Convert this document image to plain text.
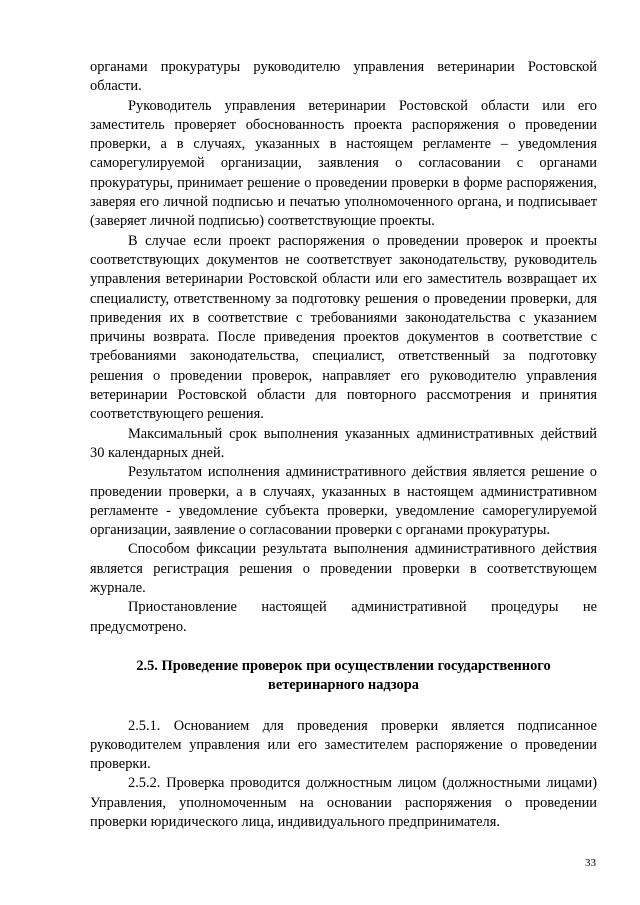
органами прокуратуры руководителю управления ветеринарии Ростовской области.

Руководитель управления ветеринарии Ростовской области или его заместитель проверяет обоснованность проекта распоряжения о проведении проверки, а в случаях, указанных в настоящем регламенте – уведомления саморегулируемой организации, заявления о согласовании с органами прокуратуры, принимает решение о проведении проверки в форме распоряжения, заверяя его личной подписью и печатью уполномоченного органа, и подписывает (заверяет личной подписью) соответствующие проекты.

В случае если проект распоряжения о проведении проверок и проекты соответствующих документов не соответствует законодательству, руководитель управления ветеринарии Ростовской области или его заместитель возвращает их специалисту, ответственному за подготовку решения о проведении проверки, для приведения их в соответствие с требованиями законодательства с указанием причины возврата. После приведения проектов документов в соответствие с требованиями законодательства, специалист, ответственный за подготовку решения о проведении проверок, направляет его руководителю управления ветеринарии Ростовской области для повторного рассмотрения и принятия соответствующего решения.

Максимальный срок выполнения указанных административных действий 30 календарных дней.

Результатом исполнения административного действия является решение о проведении проверки, а в случаях, указанных в настоящем административном регламенте - уведомление субъекта проверки, уведомление саморегулируемой организации, заявление о согласовании проверки с органами прокуратуры.

Способом фиксации результата выполнения административного действия является регистрация решения о проведении проверки в соответствующем журнале.

Приостановление настоящей административной процедуры не предусмотрено.

2.5. Проведение проверок при осуществлении государственного ветеринарного надзора

2.5.1. Основанием для проведения проверки является подписанное руководителем управления или его заместителем распоряжение о проведении проверки.

2.5.2. Проверка проводится должностным лицом (должностными лицами) Управления, уполномоченным на основании распоряжения о проведении проверки юридического лица, индивидуального предпринимателя.

33
